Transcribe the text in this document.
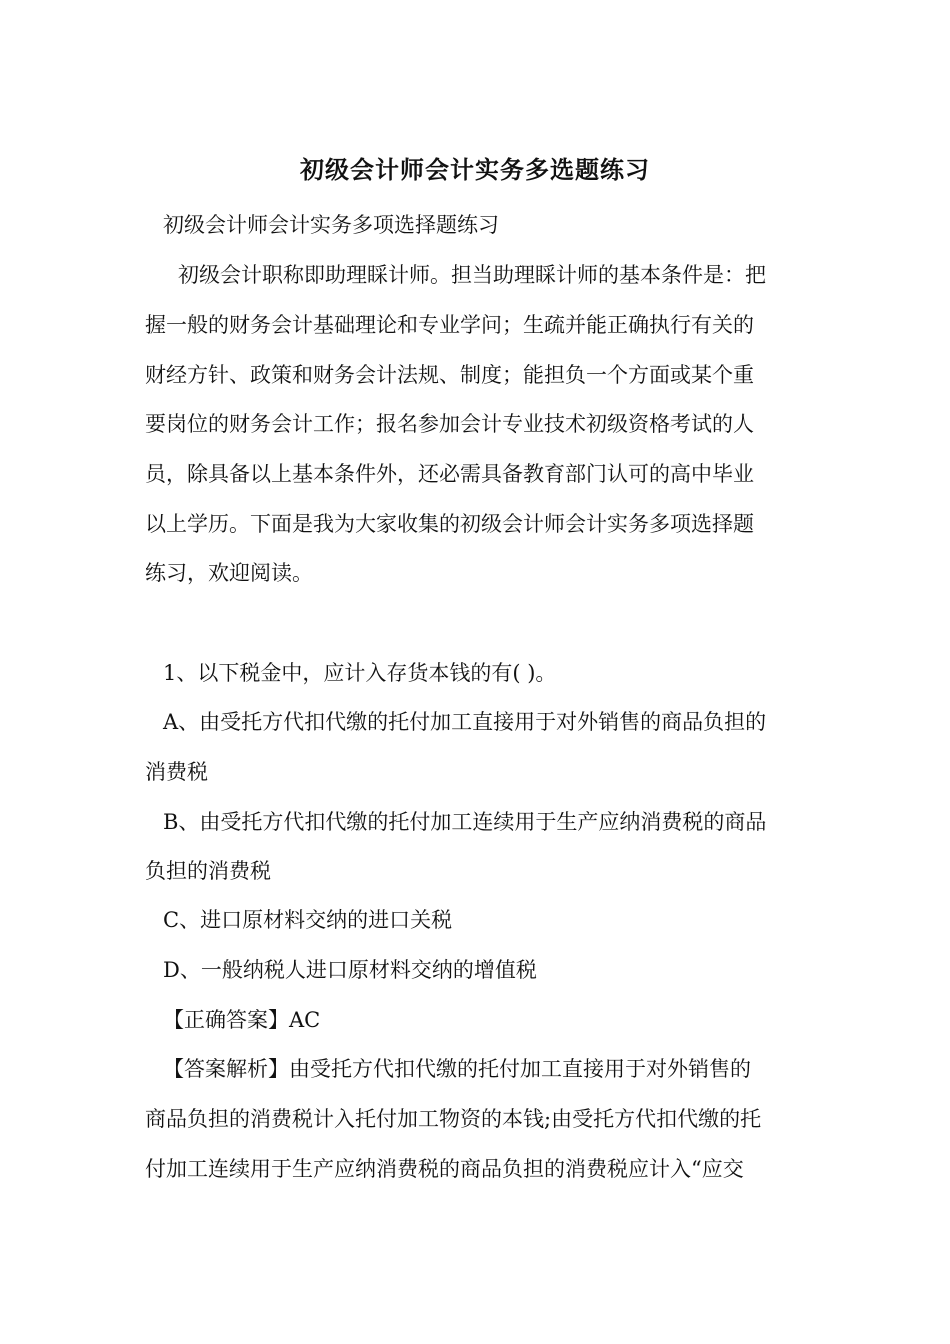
初级会计师会计实务多选题练习

初级会计师会计实务多项选择题练习

初级会计职称即助理睬计师。担当助理睬计师的基本条件是：把

握一般的财务会计基础理论和专业学问；生疏并能正确执行有关的

财经方针、政策和财务会计法规、制度；能担负一个方面或某个重

要岗位的财务会计工作；报名参加会计专业技术初级资格考试的人

员，除具备以上基本条件外，还必需具备教育部门认可的高中毕业

以上学历。下面是我为大家收集的初级会计师会计实务多项选择题

练习，欢迎阅读。

1、以下税金中，应计入存货本钱的有( )。

A、由受托方代扣代缴的托付加工直接用于对外销售的商品负担的

消费税

B、由受托方代扣代缴的托付加工连续用于生产应纳消费税的商品

负担的消费税

C、进口原材料交纳的进口关税

D、一般纳税人进口原材料交纳的增值税

【正确答案】AC

【答案解析】由受托方代扣代缴的托付加工直接用于对外销售的

商品负担的消费税计入托付加工物资的本钱;由受托方代扣代缴的托

付加工连续用于生产应纳消费税的商品负担的消费税应计入“应交
